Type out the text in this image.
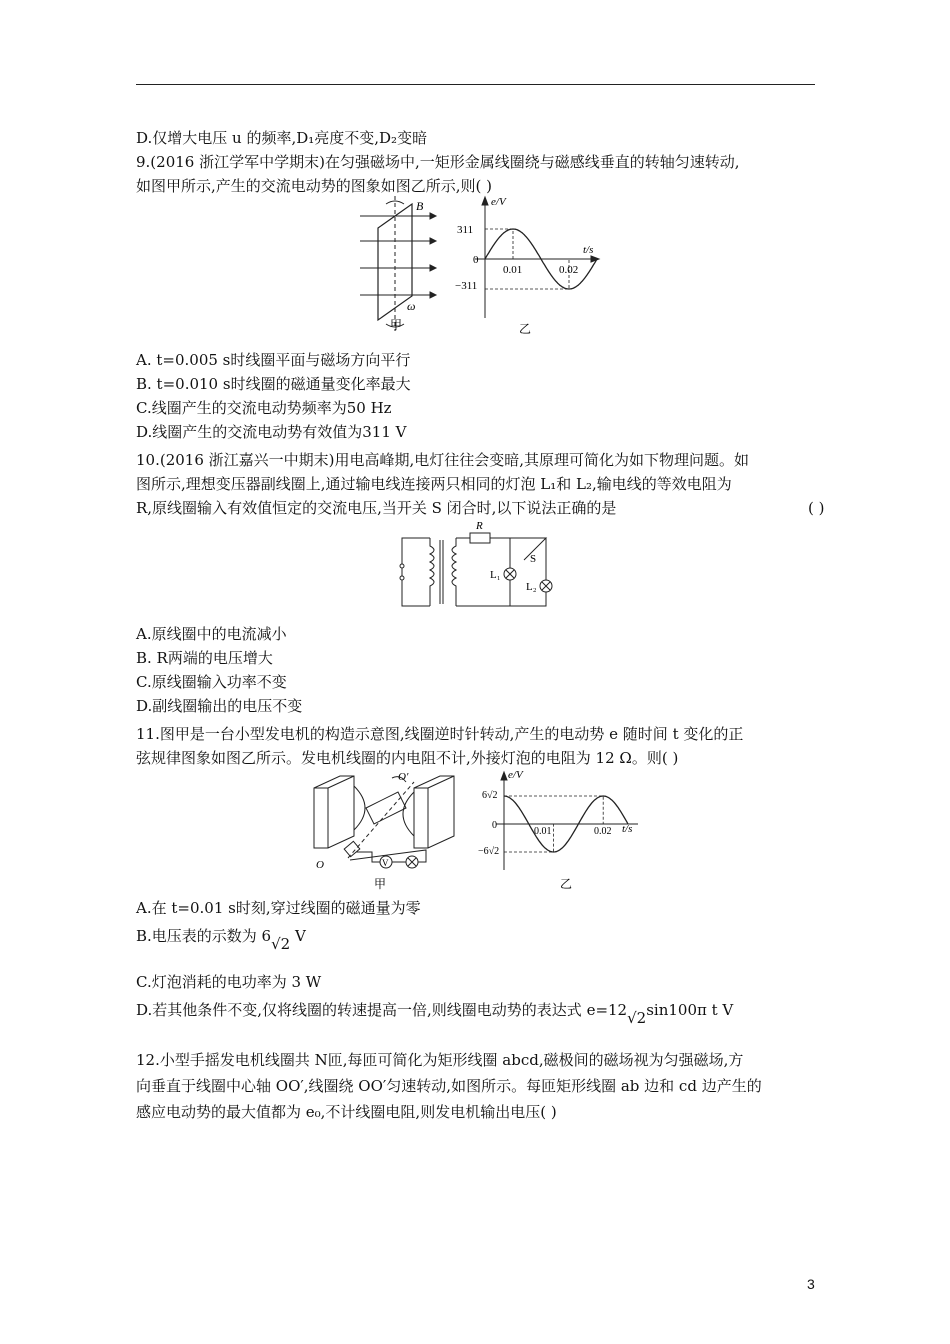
D.仅增大电压 u 的频率,D₁亮度不变,D₂变暗
9.(2016 浙江学军中学期末)在匀强磁场中,一矩形金属线圈绕与磁感线垂直的转轴匀速转动,
如图甲所示,产生的交流电动势的图象如图乙所示,则( )
B
ω
甲
e/V
t/s
311
0
−311
0.01	0.02
乙
A. t=0.005 s时线圈平面与磁场方向平行
B. t=0.010 s时线圈的磁通量变化率最大
C.线圈产生的交流电动势频率为50 Hz
D.线圈产生的交流电动势有效值为311 V
10.(2016 浙江嘉兴一中期末)用电高峰期,电灯往往会变暗,其原理可简化为如下物理问题。如
图所示,理想变压器副线圈上,通过输电线连接两只相同的灯泡 L₁和 L₂,输电线的等效电阻为
R,原线圈输入有效值恒定的交流电压,当开关 S 闭合时,以下说法正确的是	( )
R
S
L₁
L₂
A.原线圈中的电流减小
B. R两端的电压增大
C.原线圈输入功率不变
D.副线圈输出的电压不变
11.图甲是一台小型发电机的构造示意图,线圈逆时针转动,产生的电动势 e 随时间 t 变化的正
弦规律图象如图乙所示。发电机线圈的内电阻不计,外接灯泡的电阻为 12 Ω。则( )
V
O
O′
甲
e/V
t/s
6√2
0
−6√2
0.01	0.02
乙
A.在 t=0.01 s时刻,穿过线圈的磁通量为零
B.电压表的示数为 6√2 V
C.灯泡消耗的电功率为 3 W
D.若其他条件不变,仅将线圈的转速提高一倍,则线圈电动势的表达式 e=12√2sin100π t V
12.小型手摇发电机线圈共 N匝,每匝可简化为矩形线圈 abcd,磁极间的磁场视为匀强磁场,方
向垂直于线圈中心轴 OO′,线圈绕 OO′匀速转动,如图所示。每匝矩形线圈 ab 边和 cd 边产生的
感应电动势的最大值都为 e₀,不计线圈电阻,则发电机输出电压( )
3
